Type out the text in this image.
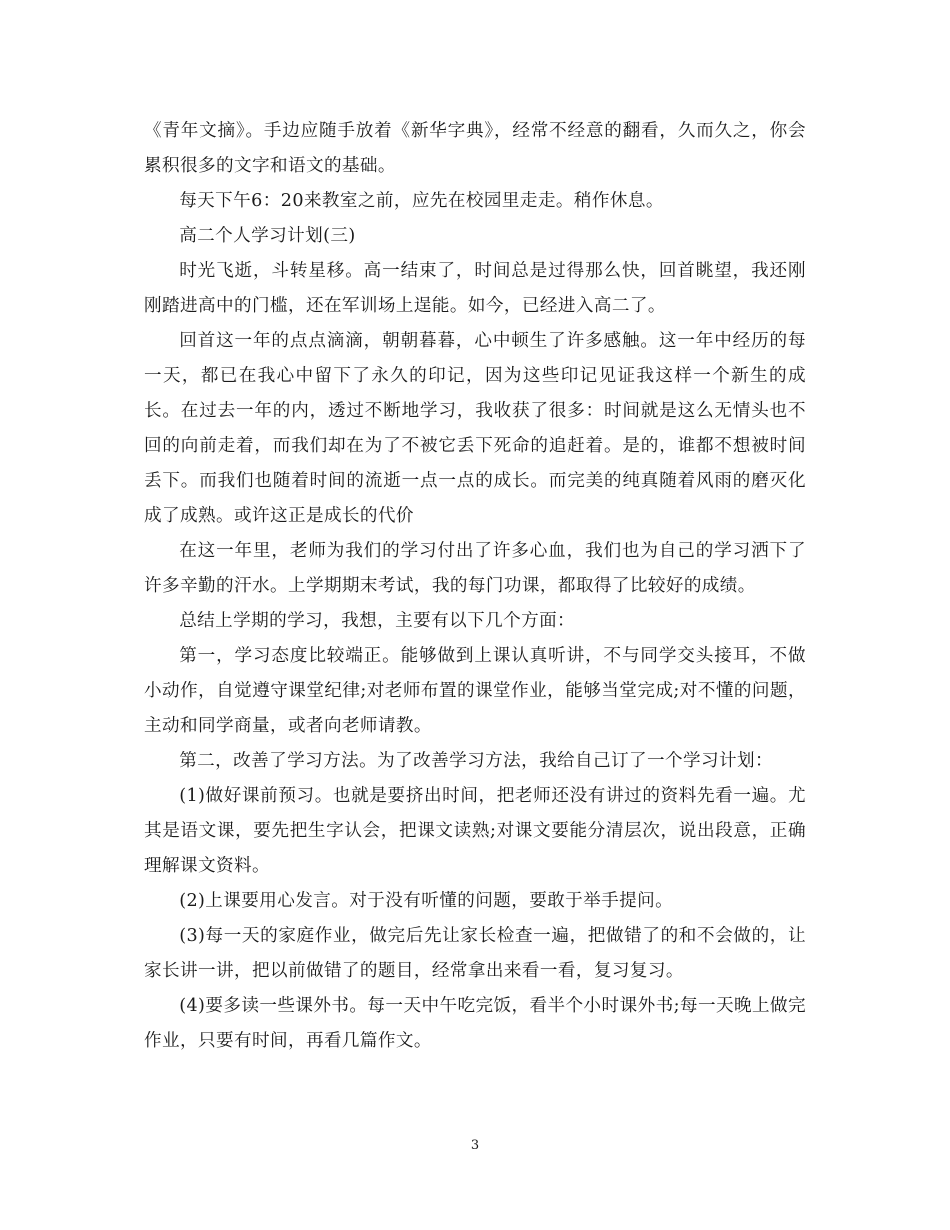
《青年文摘》。手边应随手放着《新华字典》，经常不经意的翻看，久而久之，你会累积很多的文字和语文的基础。

每天下午6：20来教室之前，应先在校园里走走。稍作休息。

高二个人学习计划(三)

时光飞逝，斗转星移。高一结束了，时间总是过得那么快，回首眺望，我还刚刚踏进高中的门槛，还在军训场上逞能。如今，已经进入高二了。

回首这一年的点点滴滴，朝朝暮暮，心中顿生了许多感触。这一年中经历的每一天，都已在我心中留下了永久的印记，因为这些印记见证我这样一个新生的成长。在过去一年的内，透过不断地学习，我收获了很多：时间就是这么无情头也不回的向前走着，而我们却在为了不被它丢下死命的追赶着。是的，谁都不想被时间丢下。而我们也随着时间的流逝一点一点的成长。而完美的纯真随着风雨的磨灭化成了成熟。或许这正是成长的代价

在这一年里，老师为我们的学习付出了许多心血，我们也为自己的学习洒下了许多辛勤的汗水。上学期期末考试，我的每门功课，都取得了比较好的成绩。

总结上学期的学习，我想，主要有以下几个方面：

第一，学习态度比较端正。能够做到上课认真听讲，不与同学交头接耳，不做小动作，自觉遵守课堂纪律;对老师布置的课堂作业，能够当堂完成;对不懂的问题，主动和同学商量，或者向老师请教。

第二，改善了学习方法。为了改善学习方法，我给自己订了一个学习计划：

(1)做好课前预习。也就是要挤出时间，把老师还没有讲过的资料先看一遍。尤其是语文课，要先把生字认会，把课文读熟;对课文要能分清层次，说出段意，正确理解课文资料。

(2)上课要用心发言。对于没有听懂的问题，要敢于举手提问。

(3)每一天的家庭作业，做完后先让家长检查一遍，把做错了的和不会做的，让家长讲一讲，把以前做错了的题目，经常拿出来看一看，复习复习。

(4)要多读一些课外书。每一天中午吃完饭，看半个小时课外书;每一天晚上做完作业，只要有时间，再看几篇作文。

3
